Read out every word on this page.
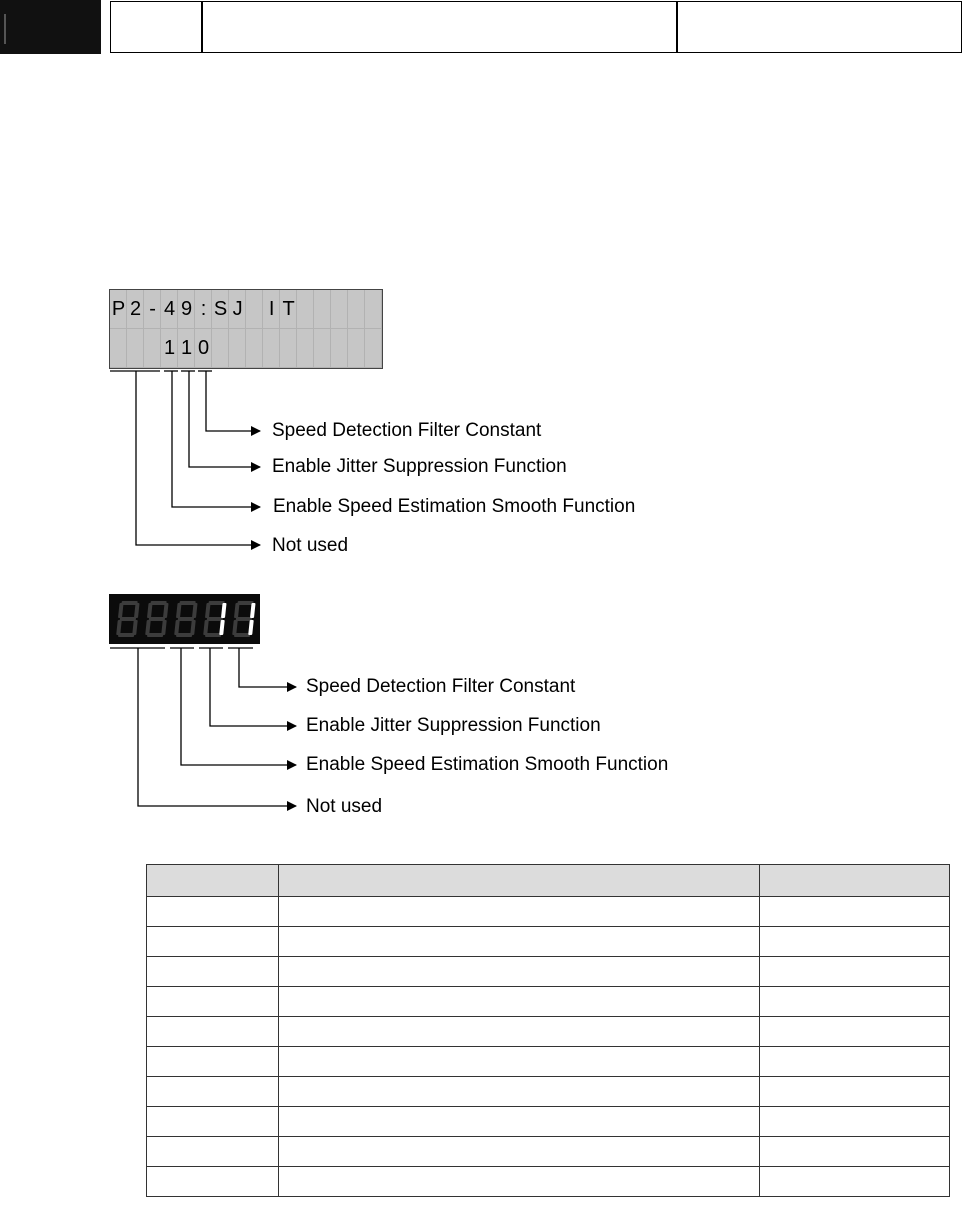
P 2 - 4 9 : S J I T
1 1 0
Speed Detection Filter Constant
Enable Jitter Suppression Function
Enable Speed Estimation Smooth Function
Not used
Speed Detection Filter Constant
Enable Jitter Suppression Function
Enable Speed Estimation Smooth Function
Not used
